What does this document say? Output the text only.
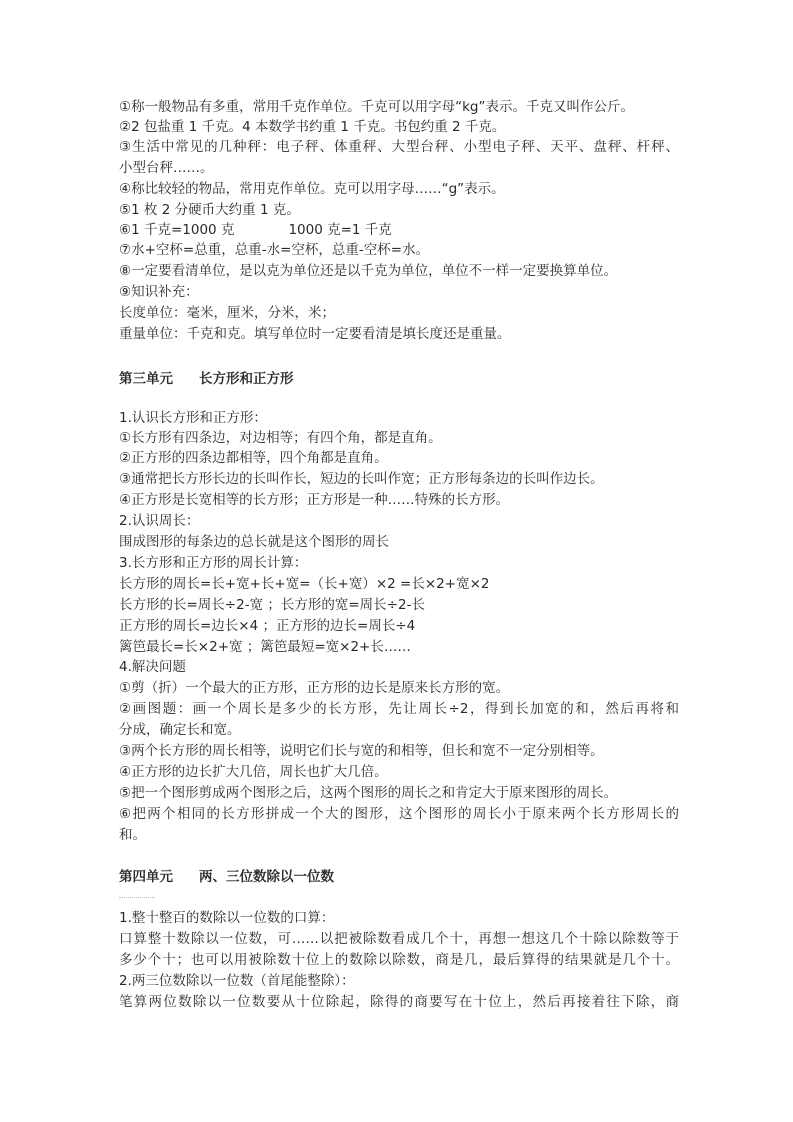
第三单元 长方形和正方形
第四单元 两、三位数除以一位数
①称一般物品有多重，常用千克作单位。千克可以用字母“kg”表示。千克又叫作公斤。
②2 包盐重 1 千克。4 本数学书约重 1 千克。书包约重 2 千克。
③生活中常见的几种秤：电子秤、体重秤、大型台秤、小型电子秤、天平、盘秤、杆秤、
小型台秤……。
④称比较轻的物品，常用克作单位。克可以用字母……“g”表示。
⑤1 枚 2 分硬币大约重 1 克。
⑥1 千克=1000 克　　　　1000 克=1 千克
⑦水+空杯=总重，总重-水=空杯，总重-空杯=水。
⑧一定要看清单位，是以克为单位还是以千克为单位，单位不一样一定要换算单位。
⑨知识补充：
长度单位：毫米，厘米，分米，米；
重量单位：千克和克。填写单位时一定要看清是填长度还是重量。
1.认识长方形和正方形：
①长方形有四条边，对边相等；有四个角，都是直角。
②正方形的四条边都相等，四个角都是直角。
③通常把长方形长边的长叫作长，短边的长叫作宽；正方形每条边的长叫作边长。
④正方形是长宽相等的长方形；正方形是一种……特殊的长方形。
2.认识周长：
围成图形的每条边的总长就是这个图形的周长
3.长方形和正方形的周长计算：
长方形的周长=长+宽+长+宽=（长+宽）×2 =长×2+宽×2
长方形的长=周长÷2-宽 ；长方形的宽=周长÷2-长
正方形的周长=边长×4 ；正方形的边长=周长÷4
篱笆最长=长×2+宽 ；篱笆最短=宽×2+长……
4.解决问题
①剪（折）一个最大的正方形，正方形的边长是原来长方形的宽。
②画图题：画一个周长是多少的长方形，先让周长÷2，得到长加宽的和，然后再将和
分成，确定长和宽。
③两个长方形的周长相等，说明它们长与宽的和相等，但长和宽不一定分别相等。
④正方形的边长扩大几倍，周长也扩大几倍。
⑤把一个图形剪成两个图形之后，这两个图形的周长之和肯定大于原来图形的周长。
⑥把两个相同的长方形拼成一个大的图形，这个图形的周长小于原来两个长方形周长的
和。
1.整十整百的数除以一位数的口算：
口算整十数除以一位数，可……以把被除数看成几个十，再想一想这几个十除以除数等于
多少个十；也可以用被除数十位上的数除以除数，商是几，最后算得的结果就是几个十。
2.两三位数除以一位数（首尾能整除）：
笔算两位数除以一位数要从十位除起，除得的商要写在十位上，然后再接着往下除，商
